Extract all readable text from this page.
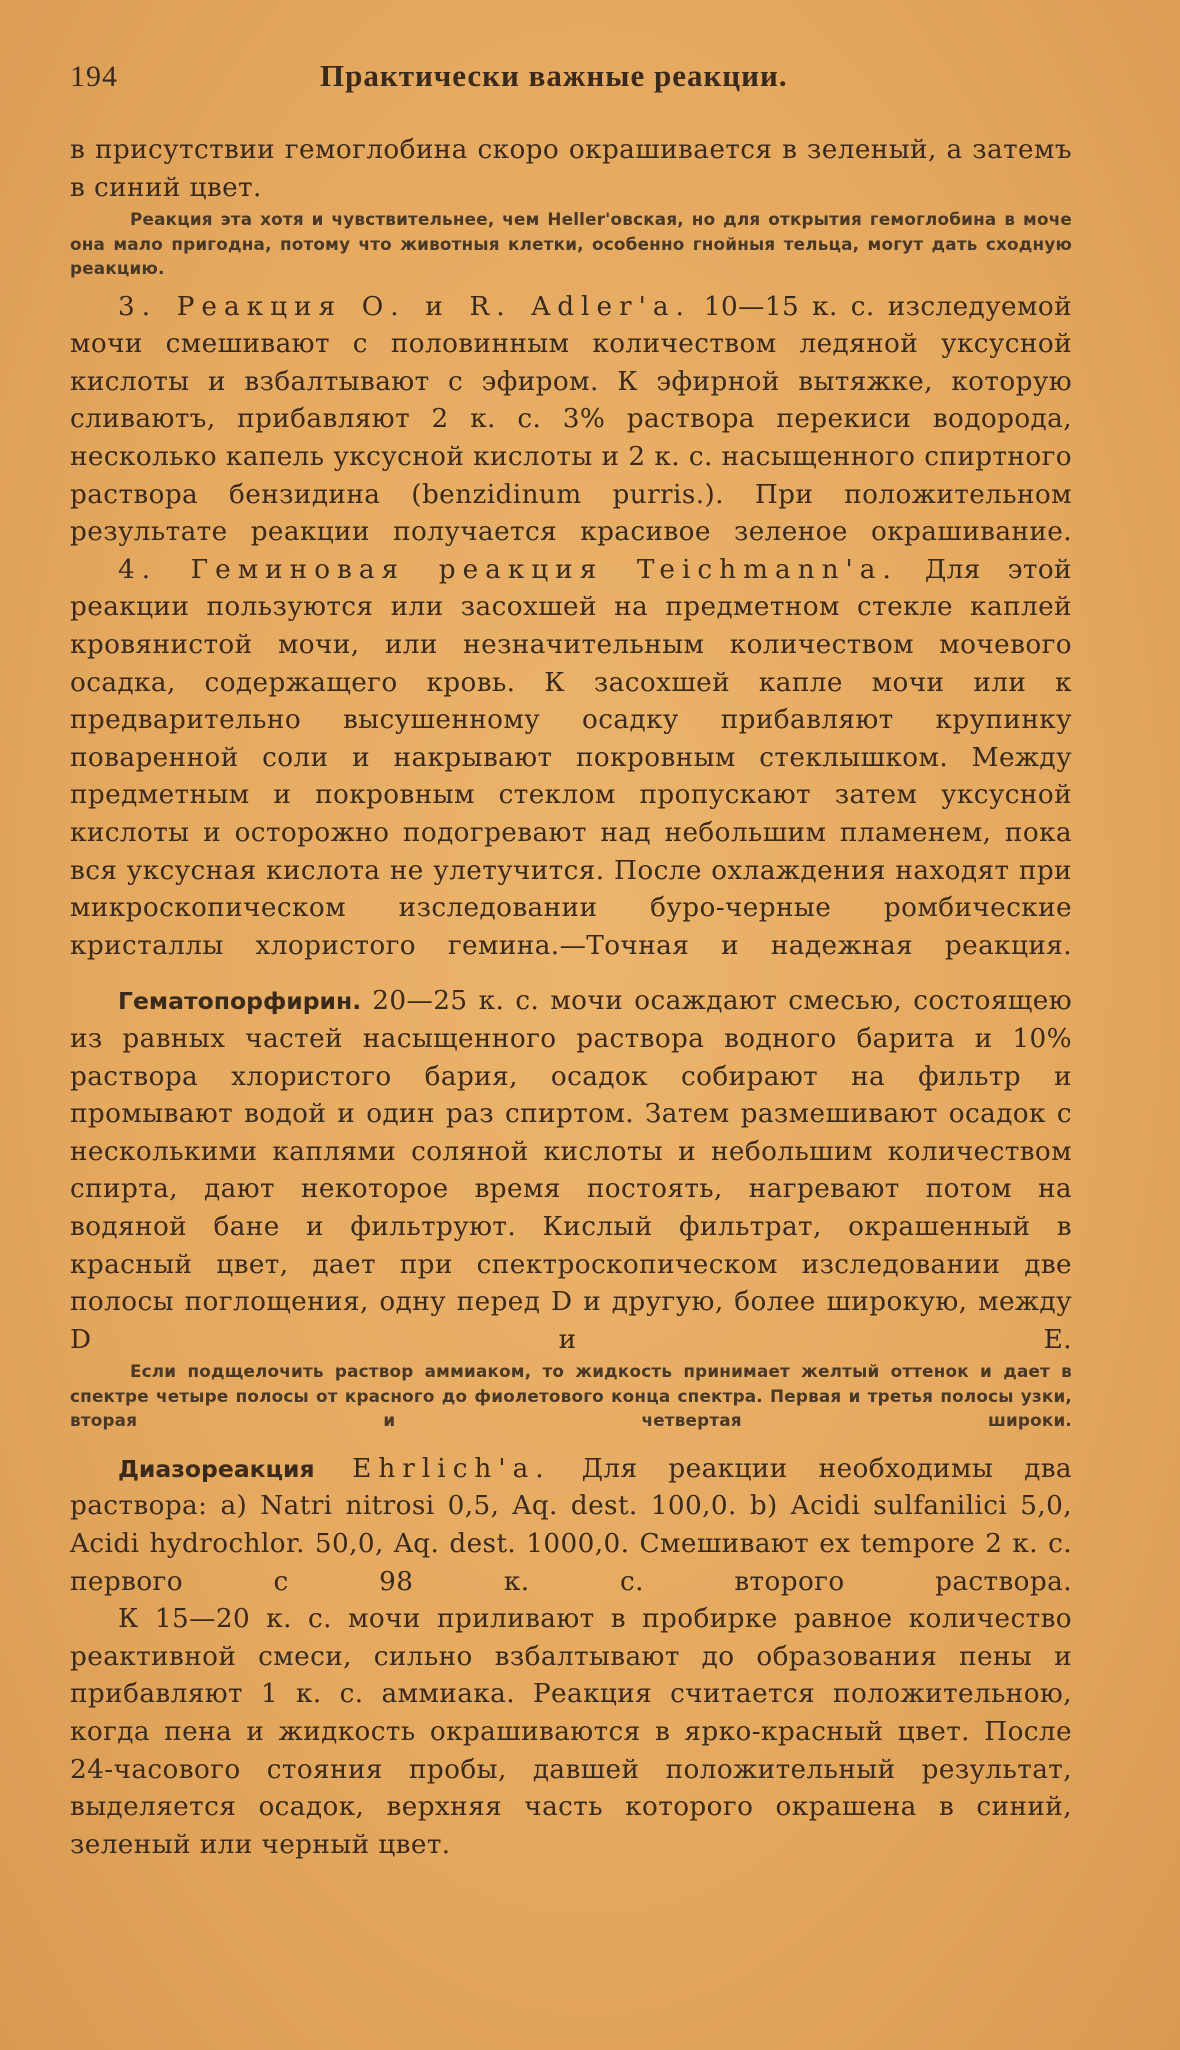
194	Практически важные реакции.

в присутствии гемоглобина скоро окрашивается в зеленый, а затемъ в синий цвет.

Реакция эта хотя и чувствительнее, чем Heller'овская, но для открытия гемоглобина в моче она мало пригодна, потому что животныя клетки, особенно гнойныя тельца, могут дать сходную реакцию.

3. Реакция О. и R. Adler'а. 10—15 к. с. изследуемой мочи смешивают с половинным количеством ледяной уксусной кислоты и взбалтывают с эфиром. К эфирной вытяжке, которую сливаютъ, прибавляют 2 к. с. 3% раствора перекиси водорода, несколько капель уксусной кислоты и 2 к. с. насыщенного спиртного раствора бензидина (benzidinum purris.). При положительном результате реакции получается красивое зеленое окрашивание.

4. Геминовая реакция Teichmann'а. Для этой реакции пользуются или засохшей на предметном стекле каплей кровянистой мочи, или незначительным количеством мочевого осадка, содержащего кровь. К засохшей капле мочи или к предварительно высушенному осадку прибавляют крупинку поваренной соли и накрывают покровным стеклышком. Между предметным и покровным стеклом пропускают затем уксусной кислоты и осторожно подогревают над небольшим пламенем, пока вся уксусная кислота не улетучится. После охлаждения находят при микроскопическом изследовании буро-черные ромбические кристаллы хлористого гемина.—Точная и надежная реакция.

Гематопорфирин. 20—25 к. с. мочи осаждают смесью, состоящею из равных частей насыщенного раствора водного барита и 10% раствора хлористого бария, осадок собирают на фильтр и промывают водой и один раз спиртом. Затем размешивают осадок с несколькими каплями соляной кислоты и небольшим количеством спирта, дают некоторое время постоять, нагревают потом на водяной бане и фильтруют. Кислый фильтрат, окрашенный в красный цвет, дает при спектроскопическом изследовании две полосы поглощения, одну перед D и другую, более широкую, между D и E.

Если подщелочить раствор аммиаком, то жидкость принимает желтый оттенок и дает в спектре четыре полосы от красного до фиолетового конца спектра. Первая и третья полосы узки, вторая и четвертая широки.

Диазореакция Ehrlich'а. Для реакции необходимы два раствора: a) Natri nitrosi 0,5, Aq. dest. 100,0. b) Acidi sulfanilici 5,0, Acidi hydrochlor. 50,0, Aq. dest. 1000,0. Смешивают ex tempore 2 к. с. первого с 98 к. с. второго раствора.

К 15—20 к. с. мочи приливают в пробирке равное количество реактивной смеси, сильно взбалтывают до образования пены и прибавляют 1 к. с. аммиака. Реакция считается положительною, когда пена и жидкость окрашиваются в ярко-красный цвет. После 24-часового стояния пробы, давшей положительный результат, выделяется осадок, верхняя часть которого окрашена в синий, зеленый или черный цвет.
